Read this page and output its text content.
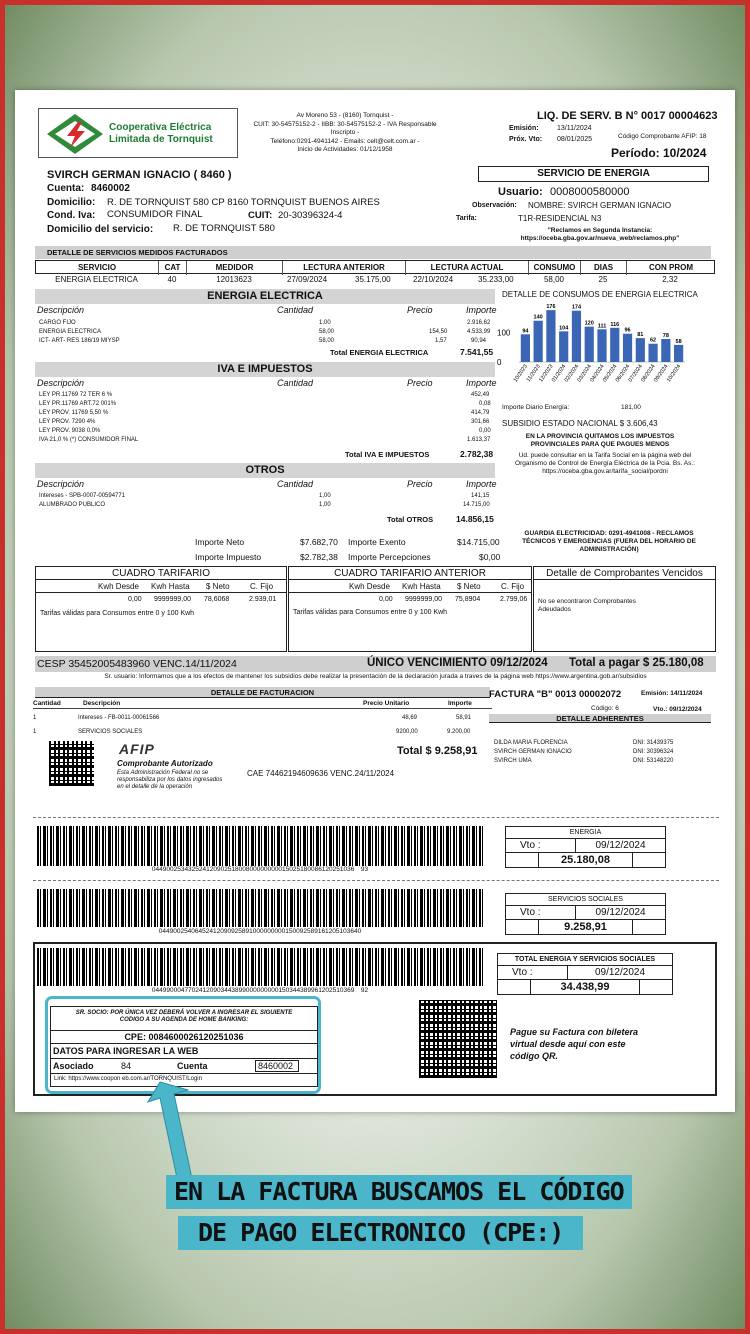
Cooperativa Eléctrica
Limitada de Tornquist
Av Moreno 53 - (8160) Tornquist -
CUIT: 30-54575152-2 - IIBB: 30-54575152-2 - IVA Responsable
Inscripto -
Teléfono:0291-4941142 - Emails: celt@celt.com.ar -
Inicio de Actividades: 01/12/1958
LIQ. DE SERV. B N° 0017 00004623
Emisión:	13/11/2024
Próx. Vto: 08/01/2025	Código Comprobante AFIP: 18
Período: 10/2024
SVIRCH GERMAN IGNACIO ( 8460 )
Cuenta: 8460002
Domicilio: R. DE TORNQUIST 580 CP 8160 TORNQUIST BUENOS AIRES
Cond. Iva: CONSUMIDOR FINAL	CUIT: 20-30396324-4
Domicilio del servicio: R. DE TORNQUIST 580
SERVICIO DE ENERGIA
Usuario: 0008000580000
Observación: NOMBRE: SVIRCH GERMAN IGNACIO
Tarifa:	T1R-RESIDENCIAL N3
"Reclamos en Segunda Instancia:
https://oceba.gba.gov.ar/nueva_web/reclamos.php"
DETALLE DE SERVICIOS MEDIDOS FACTURADOS
SERVICIO	CAT	MEDIDOR	LECTURA ANTERIOR	LECTURA ACTUAL	CONSUMO	DIAS	CON PROM
ENERGIA ELECTRICA	40	12013623	27/09/2024	35.175,00	22/10/2024	35.233,00	58,00	25	2,32
ENERGIA ELECTRICA
Descripción	Cantidad	Precio	Importe
CARGO FIJO	1,00	2.916,62
ENERGIA ELECTRICA	58,00	154,50	4.533,99
ICT- ART- RES 186/19 MIYSP	58,00	1,57	90,94
Total ENERGIA ELECTRICA	7.541,55
IVA E IMPUESTOS
Descripción	Cantidad	Precio	Importe
LEY PR.11769 72 TER 6 %	452,49
LEY PR.11769 ART.72 001%	0,08
LEY PROV. 11769 5,50 %	414,79
LEY PROV. 7290 4%	301,66
LEY PROV. 9038 0,0%	0,00
IVA 21,0 % (*) CONSUMIDOR FINAL	1.613,37
Total IVA E IMPUESTOS	2.782,38
OTROS
Descripción	Cantidad	Precio	Importe
Intereses - SPB-0007-00594771	1,00	141,15
ALUMBRADO PUBLICO	1,00	14.715,00
Total OTROS	14.856,15
DETALLE DE CONSUMOS DE ENERGIA ELECTRICA
100
0
94
10/2023
140
11/2023
176
12/2023
104
01/2024
174
02/2024
120
03/2024
111
04/2024
116
05/2024
96
06/2024
81
07/2024
62
08/2024
78
09/2024
58
10/2024
Importe Diario Energía:	181,00
SUBSIDIO ESTADO NACIONAL $ 3.606,43
EN LA PROVINCIA QUITAMOS LOS IMPUESTOS
PROVINCIALES PARA QUE PAGUES MENOS
Ud. puede consultar en la Tarifa Social en la página web del
Organismo de Control de Energía Eléctrica de la Pcia. Bs. As.:
https://oceba.gba.gov.ar/tarifa_social/pordni
GUARDIA ELECTRICIDAD: 0291-4941008 - RECLAMOS
TÉCNICOS Y EMERGENCIAS (FUERA DEL HORARIO DE
ADMINISTRACIÓN)
Importe Neto	$7.682,70 Importe Exento	$14.715,00
Importe Impuesto	$2.782,38 Importe Percepciones	$0,00
CUADRO TARIFARIO
Kwh Desde Kwh Hasta $ Neto	C. Fijo
0,00 9999999,00 78,6068	2.939,01
Tarifas válidas para Consumos entre 0 y 100 Kwh
CUADRO TARIFARIO ANTERIOR
Kwh Desde Kwh Hasta $ Neto	C. Fijo
0,00 9999999,00 75,8904	2.799,06
Tarifas válidas para Consumos entre 0 y 100 Kwh
Detalle de Comprobantes Vencidos
No se encontraron Comprobantes
Adeudados
CESP 35452005483960 VENC.14/11/2024	ÚNICO VENCIMIENTO 09/12/2024 Total a pagar $ 25.180,08
Sr. usuario: Informamos que a los efectos de mantener los subsidios debe realizar la presentación de la declaración jurada a traves de la página web https://www.argentina.gob.ar/subsidios
DETALLE DE FACTURACION
Cantidad	Descripción	Precio Unitario	Importe
1	Intereses - FB-0011-00061566	48,69	58,91
1	SERVICIOS SOCIALES	9200,00	9.200,00
AFIP
Comprobante Autorizado
Esta Administración Federal no se
responsabiliza por los datos ingresados
en el detalle de la operación
CAE 74462194609636 VENC.24/11/2024
Total $ 9.258,91
FACTURA "B" 0013 00002072	Emisión: 14/11/2024
Código: 6	Vto.: 09/12/2024
DETALLE ADHERENTES
DILDA MARIA FLORENCIA	DNI: 31439375
SVIRCH GERMAN IGNACIO	DNI: 30396324
SVIRCH UMA	DNI: 53148220
04490025343252412090251800800000000015025180086120251036 93
ENERGIA
Vto :	09/12/2024
25.180,08
04490025406452412090925891000000000150092589161205103640
SERVICIOS SOCIALES
Vto :	09/12/2024
9.258,91
04499000477024120903443899000000000150344389961202510369 92
TOTAL ENERGIA Y SERVICIOS SOCIALES
Vto :	09/12/2024
34.438,99
SR. SOCIO: POR ÚNICA VEZ DEBERÁ VOLVER A INGRESAR EL SIGUIENTE
CODIGO A SU AGENDA DE HOME BANKING:
CPE: 0084600026120251036
DATOS PARA INGRESAR LA WEB
Asociado	84	Cuenta	8460002
Link: https://www.coopon eb.com.ar/TORNQUIST/Login
Pague su Factura con bilete‌ra
virtual desde aquí con este
código QR.
EN LA FACTURA BUSCAMOS EL CÓDIGO
DE PAGO ELECTRONICO (CPE:)
